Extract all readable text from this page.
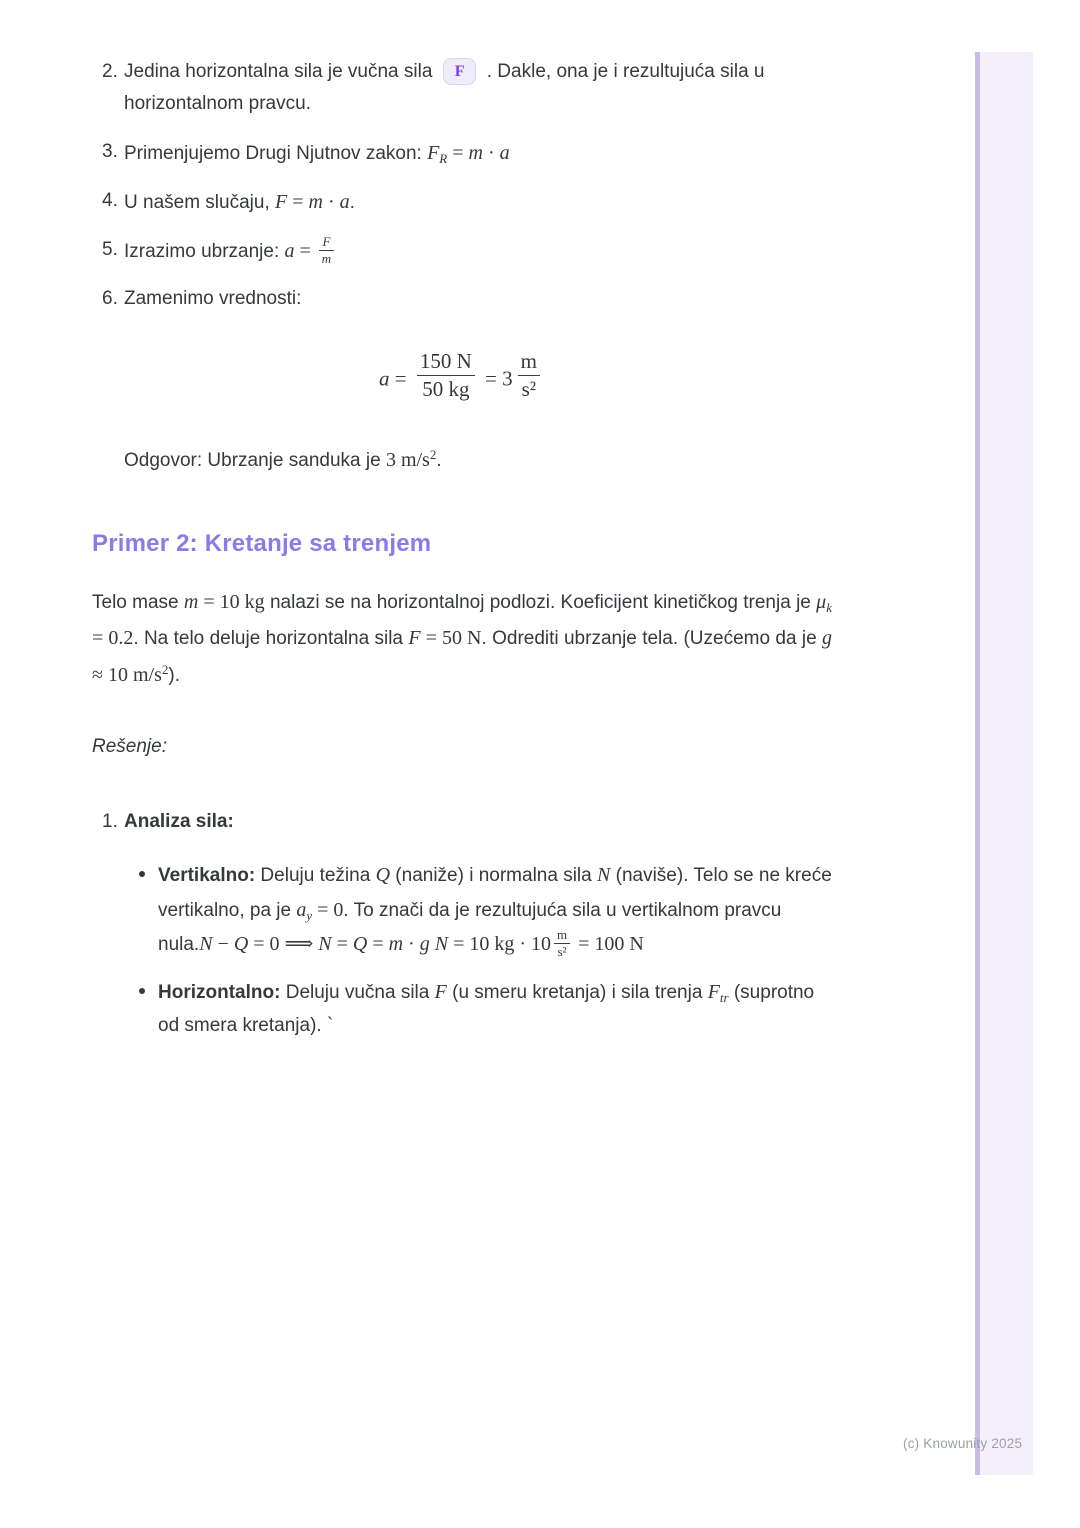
2. Jedina horizontalna sila je vučna sila F . Dakle, ona je i rezultujuća sila u horizontalnom pravcu.
3. Primenjujemo Drugi Njutnov zakon: $F_R = m \cdot a$
4. U našem slučaju, F = m · a.
5. Izrazimo ubrzanje: $a = \frac{F}{m}$
6. Zamenimo vrednosti:
$a = \frac{150 N}{50 kg} = 3 \frac{m}{\text{s²}}$

Odgovor: Ubrzanje sanduka je 3 $m/s^2$.

Primer 2: Kretanje sa trenjem

Telo mase m = 10 kg nalazi se na horizontalnoj podlozi. Koeficijent kinetičkog trenja je $\mu_k = 0.2$. Na telo deluje horizontalna sila F = 50 N. Odrediti ubrzanje tela. (Uzećemo da je g ≈ 10 $m/s^2$).

Rešenje:

1. Analiza sila:
Vertikalno: Deluju težina Q (naniže) i normalna sila N (naviše). Telo se ne kreće vertikalno, pa je $a_y = 0$. To znači da je rezultujuća sila u vertikalnom pravcu nula.N − Q = 0 ⟹ N = Q = m · g N = 10 kg · $10 \frac{m}{\text{s²}} = 100$ N
Horizontalno: Deluju vučna sila F (u smeru kretanja) i sila trenja $F_{tr}$ (suprotno od smera kretanja). `
(c) Knowunity 2025
